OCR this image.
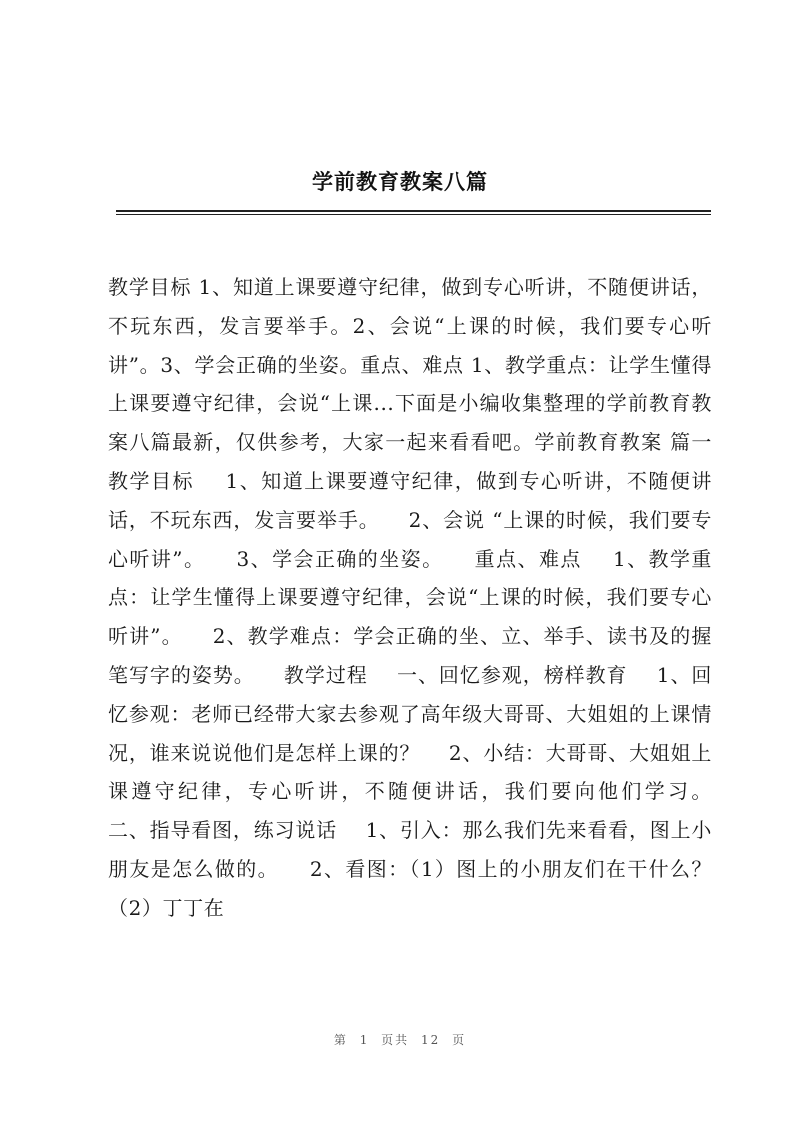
学前教育教案八篇
教学目标 1、知道上课要遵守纪律，做到专心听讲，不随便讲话，不玩东西，发言要举手。2、会说“上课的时候，我们要专心听讲”。3、学会正确的坐姿。重点、难点 1、教学重点：让学生懂得上课要遵守纪律，会说“上课...下面是小编收集整理的学前教育教案八篇最新，仅供参考，大家一起来看看吧。学前教育教案 篇一    教学目标    1、知道上课要遵守纪律，做到专心听讲，不随便讲话，不玩东西，发言要举手。    2、会说 “上课的时候，我们要专心听讲”。    3、学会正确的坐姿。    重点、难点    1、教学重点：让学生懂得上课要遵守纪律，会说“上课的时候，我们要专心听讲”。    2、教学难点：学会正确的坐、立、举手、读书及的握笔写字的姿势。    教学过程    一、回忆参观，榜样教育    1、回忆参观：老师已经带大家去参观了高年级大哥哥、大姐姐的上课情况，谁来说说他们是怎样上课的？    2、小结：大哥哥、大姐姐上课遵守纪律，专心听讲，不随便讲话，我们要向他们学习。    二、指导看图，练习说话    1、引入：那么我们先来看看，图上小朋友是怎么做的。    2、看图：（1）图上的小朋友们在干什么？（2）丁丁在
第 1 页共 12 页
